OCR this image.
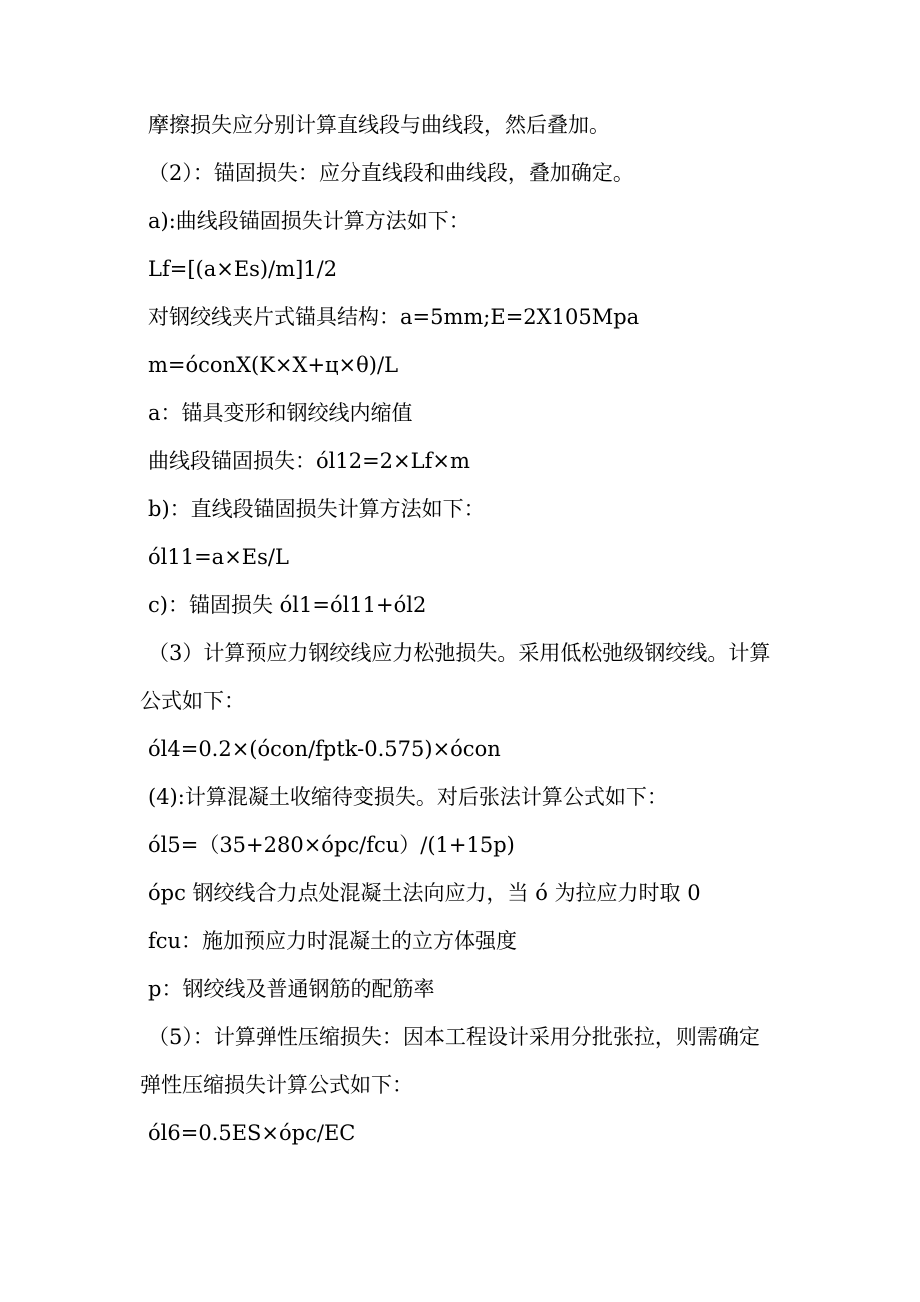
摩擦损失应分别计算直线段与曲线段，然后叠加。
（2）：锚固损失：应分直线段和曲线段，叠加确定。
a):曲线段锚固损失计算方法如下：
Lf=[(a×Es)/m]1/2
对钢绞线夹片式锚具结构：a=5mm;E=2X105Mpa
m=óconX(K×X+ц×θ)/L
a：锚具变形和钢绞线内缩值
曲线段锚固损失：ól12=2×Lf×m
b)：直线段锚固损失计算方法如下：
ól11=a×Es/L
c)：锚固损失 ól1=ól11+ól2
（3）计算预应力钢绞线应力松弛损失。采用低松弛级钢绞线。计算
公式如下：
ól4=0.2×(ócon/fptk-0.575)×ócon
(4):计算混凝土收缩待变损失。对后张法计算公式如下：
ól5=（35+280×ópc/fcu）/(1+15p)
ópc 钢绞线合力点处混凝土法向应力，当 ó 为拉应力时取 0
fcu：施加预应力时混凝土的立方体强度
p：钢绞线及普通钢筋的配筋率
（5）：计算弹性压缩损失：因本工程设计采用分批张拉，则需确定
弹性压缩损失计算公式如下：
ól6=0.5ES×ópc/EC
